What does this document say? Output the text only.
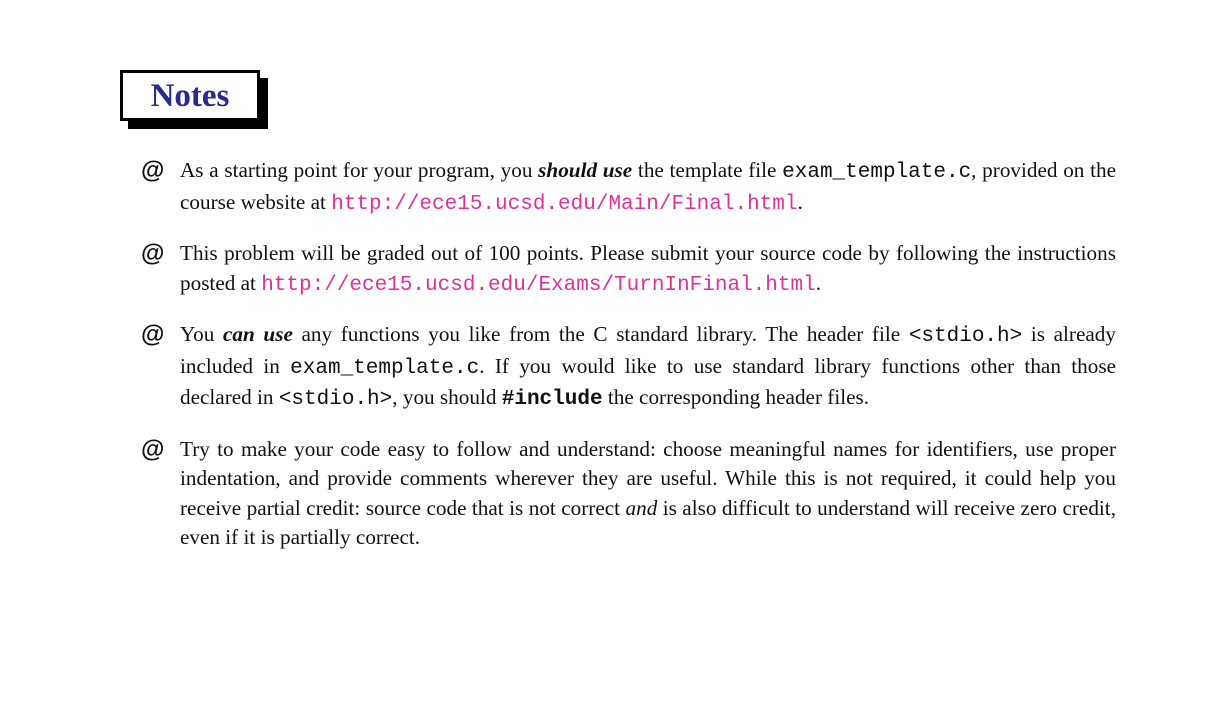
Notes
@ As a starting point for your program, you should use the template file exam_template.c, provided on the course website at http://ece15.ucsd.edu/Main/Final.html.
@ This problem will be graded out of 100 points. Please submit your source code by following the instructions posted at http://ece15.ucsd.edu/Exams/TurnInFinal.html.
@ You can use any functions you like from the C standard library. The header file <stdio.h> is already included in exam_template.c. If you would like to use standard library functions other than those declared in <stdio.h>, you should #include the corresponding header files.
@ Try to make your code easy to follow and understand: choose meaningful names for identifiers, use proper indentation, and provide comments wherever they are useful. While this is not required, it could help you receive partial credit: source code that is not correct and is also difficult to understand will receive zero credit, even if it is partially correct.
